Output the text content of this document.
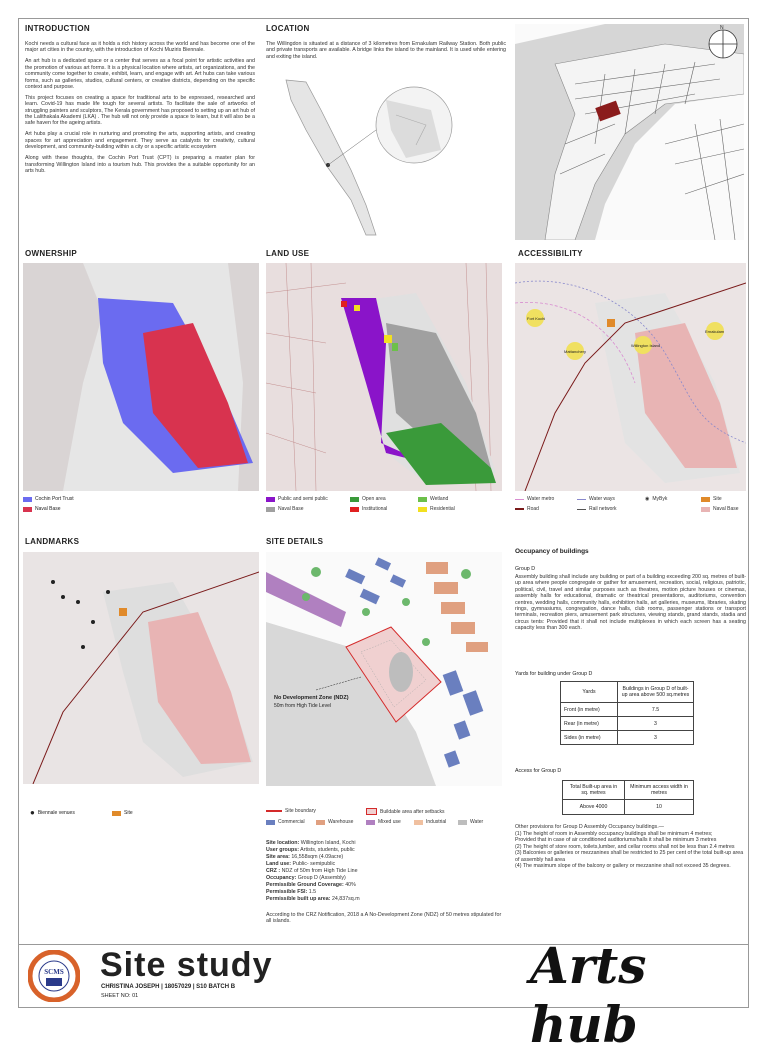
INTRODUCTION

Kochi needs a cultural face as it holds a rich history across the world and has become one of the major art cities in the country, with the introduction of Kochi Muziris Biennale.

An art hub is a dedicated space or a center that serves as a focal point for artistic activities and the promotion of various art forms. It is a physical location where artists, art organizations, and the community come together to create, exhibit, learn, and engage with art. Art hubs can take various forms, such as galleries, studios, cultural centers, or creative districts, depending on the specific context and purpose.

This project focuses on creating a space for traditional arts to be expressed, researched and learn. Covid-19 has made life tough for several artists. To facilitate the sale of artworks of struggling painters and sculptors, The Kerala government has proposed to setting up an art hub of the Lalithakala Akademi (LKA) . The hub will not only provide a space to learn, but it will also be a safe haven for the ageing artists.

Art hubs play a crucial role in nurturing and promoting the arts, supporting artists, and creating spaces for art appreciation and engagement. They serve as catalysts for creativity, cultural development, and community-building within a city or a specific artistic ecosystem

Along with these thoughts, the Cochin Port Trust (CPT) is preparing a master plan for transforming Willington Island into a tourism hub. This provides the a suitable opportunity for an arts hub.

LOCATION
The Willingdon is situated at a distance of 3 kilometres from Ernakulam Railway Station. Both public and private transports are available. A bridge links the island to the mainland. It is used while entering and exiting the island.
N
OWNERSHIP
Cochin Port Trust
Naval Base
LAND USE
Public and semi public	Open area	Wetland
Naval Base	Institutional	Residential
ACCESSIBILITY
Fort Kochi
Mattanchery
Willington Island
Ernakulam
Water metro	Water ways	◉ MyByk	Site
Road	Rail network	Naval Base
LANDMARKS
● Biennale venues	Site
SITE DETAILS
No Development Zone (NDZ)
50m from High Tide Level
Site boundary	Buildable area after setbacks
Commercial	Warehouse	Mixed use	Industrial	Water
Site location: Willington Island, Kochi
User groups: Artists, students, public
Site area: 16,558sqm (4.09acre)
Land use: Public- semipublic
CRZ : NDZ of 50m from High Tide Line
Occupancy: Group D (Assembly)
Permissible Ground Coverage: 40%
Permissible FSI: 1.5
Permissible built up area: 24,837sq.m
According to the CRZ Notification, 2018 a A No-Development Zone (NDZ) of 50 metres stipulated for all islands.
Occupancy of buildings
Group D
Assembly building shall include any building or part of a building exceeding 200 sq. metres of built-up area where people congregate or gather for amusement, recreation, social, religious, patriotic, political, civil, travel and similar purposes such as theatres, motion picture houses or cinemas, assembly halls for educational, dramatic or theatrical presentations, auditoriums, convention centres, wedding halls, community halls, exhibition halls, art galleries, museums, libraries, skating rings, gymnasiums, congregation, dance halls, club rooms, passenger stations or transport terminals, recreation piers, amusement park structures, viewing stands, grand stands, stadia and circus tents: Provided that it shall not include multiplexes in which each screen has a seating capacity less than 300 each.
Yards for building under Group D
Yards	Buildings in Group D of built-up area above 500 sq.metres
Front (in metre)	7.5
Rear (in metre)	3
Sides (in metre)	3
Access for Group D
Total Built-up area in sq. metres	Minimum access width in metres
Above 4000	10
Other provisions for Group D Assembly Occupancy buildings.—
(1) The height of room in Assembly occupancy buildings shall be minimum 4 metres;
Provided that in case of air conditioned auditoriums/halls it shall be minimum 3 metres
(2) The height of store room, toilets,lumber, and cellar rooms shall not be less than 2.4 metres
(3) Balconies or galleries or mezzanines shall be restricted to 25 per cent of the total built-up area of assembly hall area
(4) The maximum slope of the balcony or gallery or mezzanine shall not exceed 35 degrees.
SCMS Site study
CHRISTINA JOSEPH | 18057029 | S10 BATCH B
SHEET NO: 01
Arts hub
